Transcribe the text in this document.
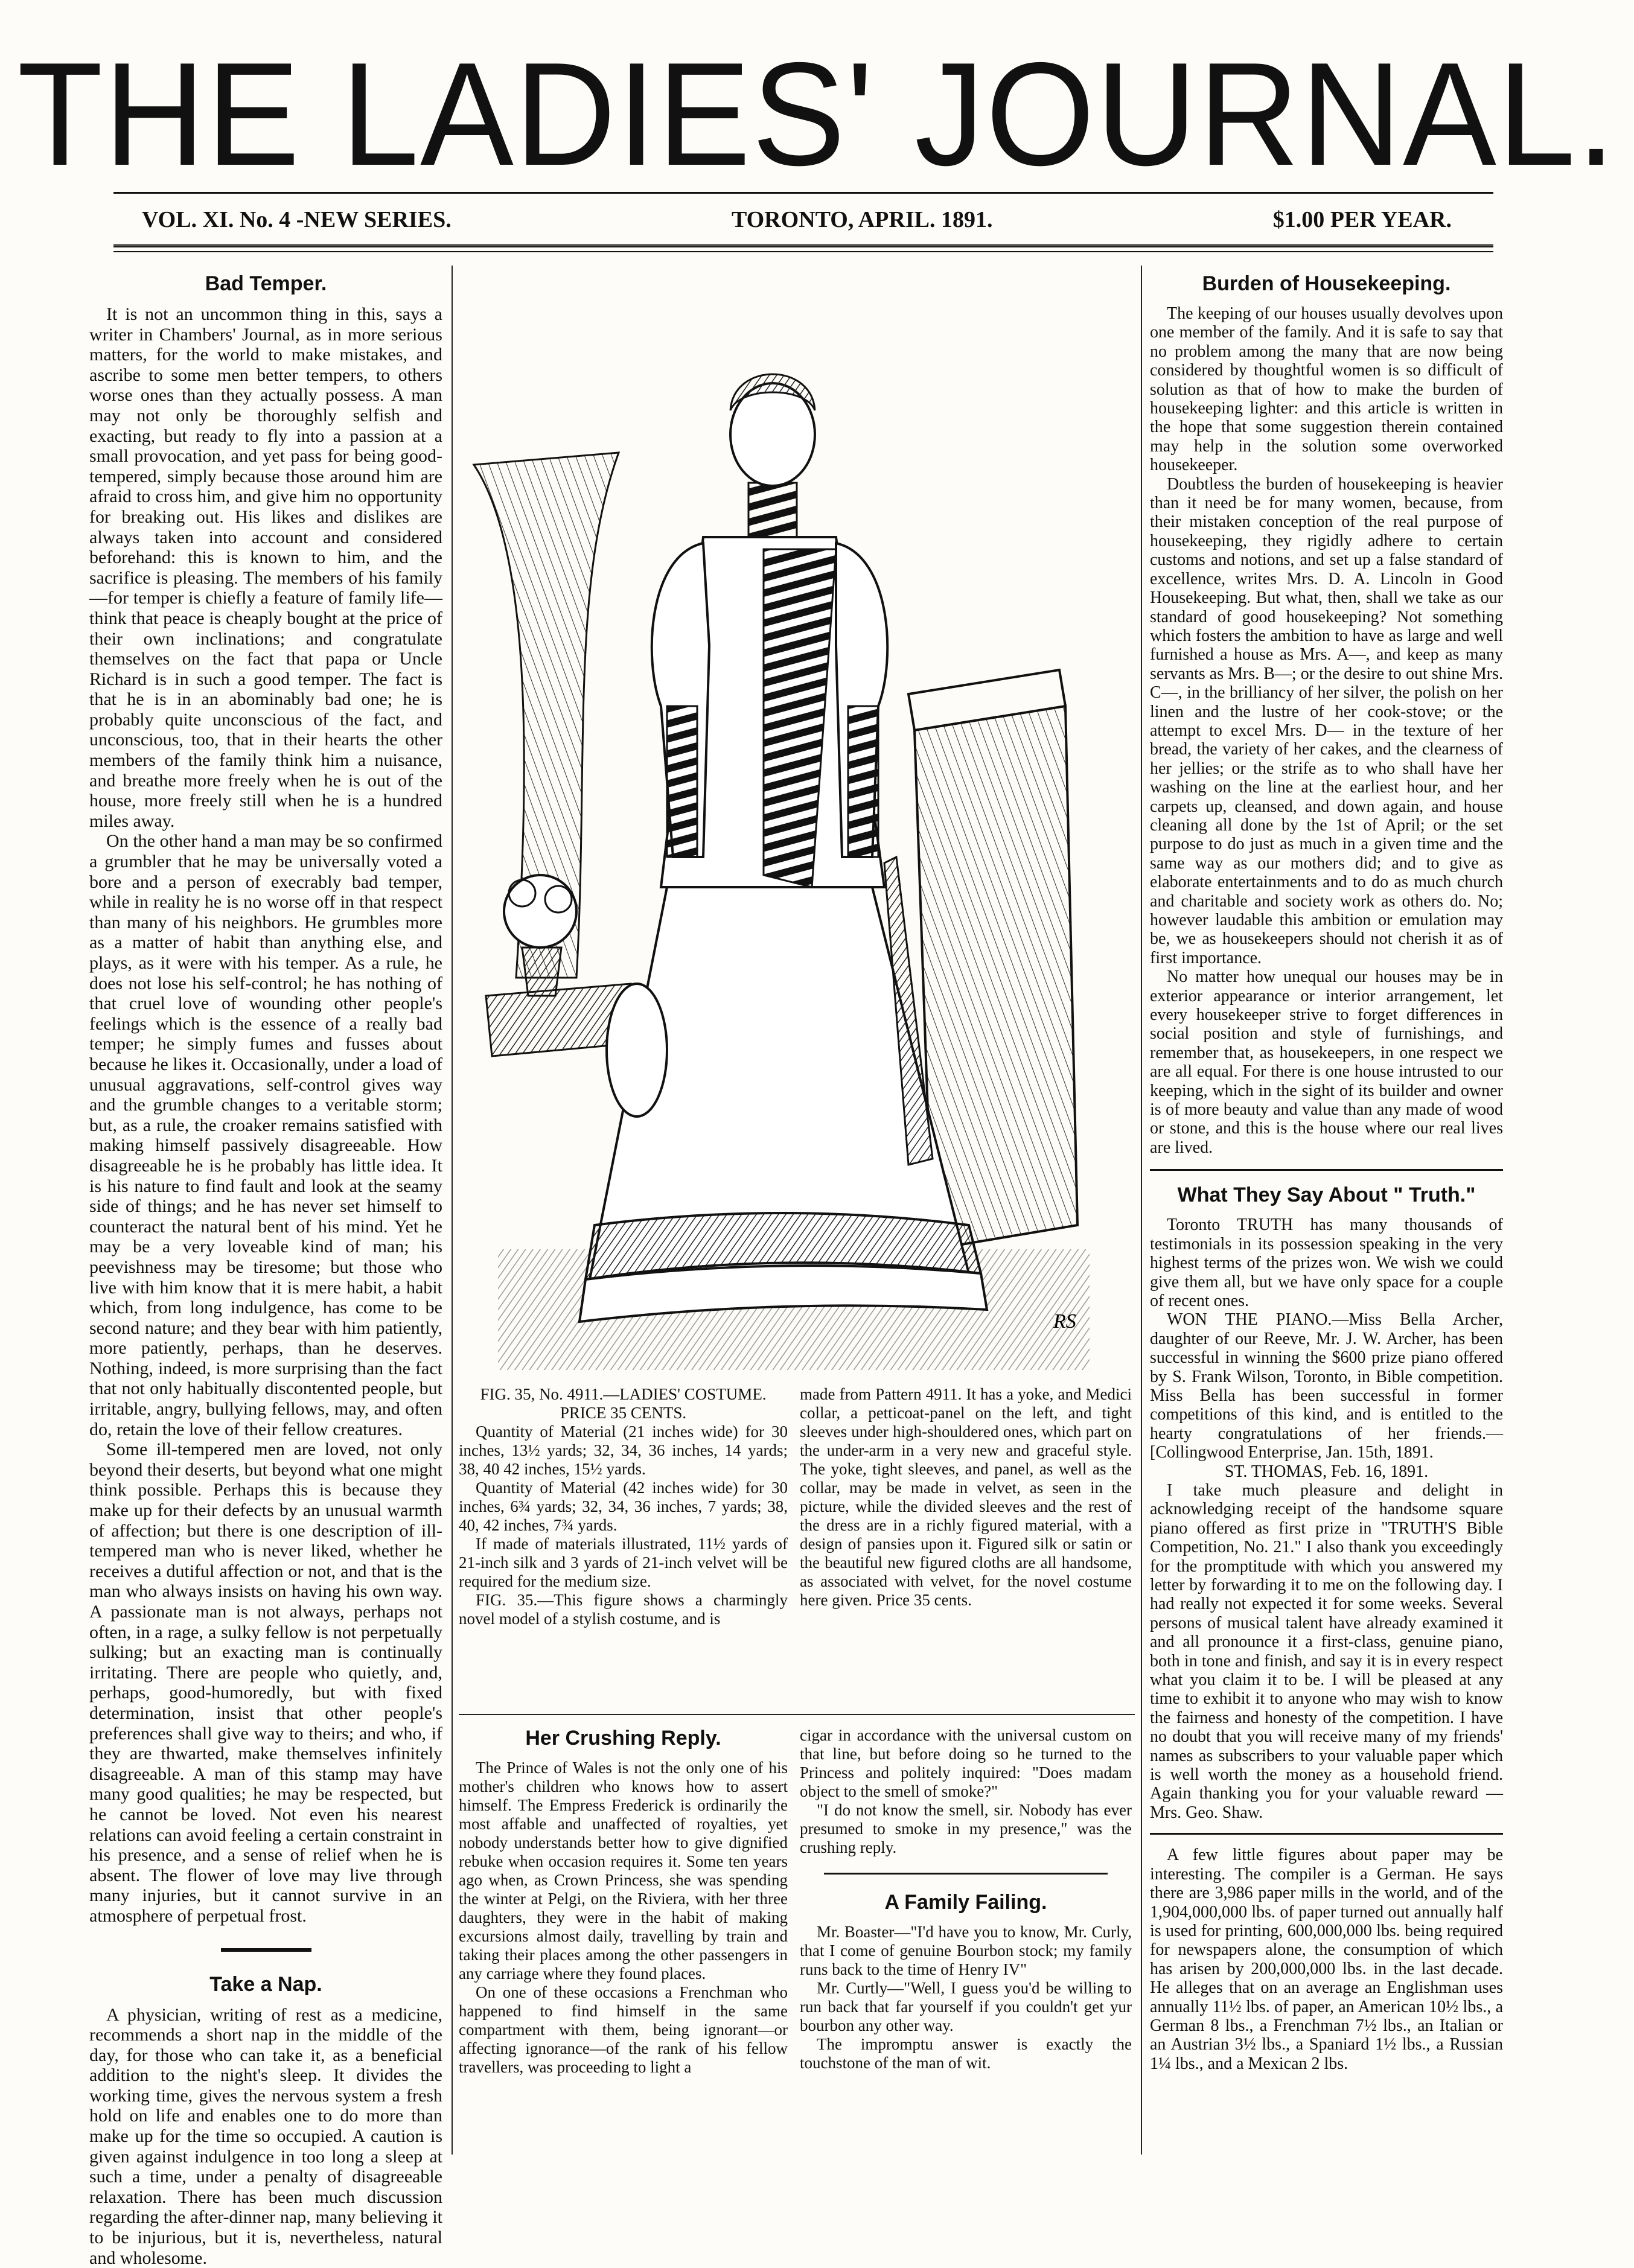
THE LADIES' JOURNAL.
VOL. XI. No. 4 -NEW SERIES.	TORONTO, APRIL. 1891.	$1.00 PER YEAR.
Bad Temper.

It is not an uncommon thing in this, says a writer in Chambers' Journal, as in more serious matters, for the world to make mistakes, and ascribe to some men better tempers, to others worse ones than they actually possess. A man may not only be thoroughly selfish and exacting, but ready to fly into a passion at a small provocation, and yet pass for being good-tempered, simply because those around him are afraid to cross him, and give him no opportunity for breaking out. His likes and dislikes are always taken into account and considered beforehand: this is known to him, and the sacrifice is pleasing. The members of his family—for temper is chiefly a feature of family life—think that peace is cheaply bought at the price of their own inclinations; and congratulate themselves on the fact that papa or Uncle Richard is in such a good temper. The fact is that he is in an abominably bad one; he is probably quite unconscious of the fact, and unconscious, too, that in their hearts the other members of the family think him a nuisance, and breathe more freely when he is out of the house, more freely still when he is a hundred miles away.

On the other hand a man may be so confirmed a grumbler that he may be universally voted a bore and a person of execrably bad temper, while in reality he is no worse off in that respect than many of his neighbors. He grumbles more as a matter of habit than anything else, and plays, as it were with his temper. As a rule, he does not lose his self-control; he has nothing of that cruel love of wounding other people's feelings which is the essence of a really bad temper; he simply fumes and fusses about because he likes it. Occasionally, under a load of unusual aggravations, self-control gives way and the grumble changes to a veritable storm; but, as a rule, the croaker remains satisfied with making himself passively disagreeable. How disagreeable he is he probably has little idea. It is his nature to find fault and look at the seamy side of things; and he has never set himself to counteract the natural bent of his mind. Yet he may be a very loveable kind of man; his peevishness may be tiresome; but those who live with him know that it is mere habit, a habit which, from long indulgence, has come to be second nature; and they bear with him patiently, more patiently, perhaps, than he deserves. Nothing, indeed, is more surprising than the fact that not only habitually discontented people, but irritable, angry, bullying fellows, may, and often do, retain the love of their fellow creatures.

Some ill-tempered men are loved, not only beyond their deserts, but beyond what one might think possible. Perhaps this is because they make up for their defects by an unusual warmth of affection; but there is one description of ill-tempered man who is never liked, whether he receives a dutiful affection or not, and that is the man who always insists on having his own way. A passionate man is not always, perhaps not often, in a rage, a sulky fellow is not perpetually sulking; but an exacting man is continually irritating. There are people who quietly, and, perhaps, good-humoredly, but with fixed determination, insist that other people's preferences shall give way to theirs; and who, if they are thwarted, make themselves infinitely disagreeable. A man of this stamp may have many good qualities; he may be respected, but he cannot be loved. Not even his nearest relations can avoid feeling a certain constraint in his presence, and a sense of relief when he is absent. The flower of love may live through many injuries, but it cannot survive in an atmosphere of perpetual frost.

Take a Nap.

A physician, writing of rest as a medicine, recommends a short nap in the middle of the day, for those who can take it, as a beneficial addition to the night's sleep. It divides the working time, gives the nervous system a fresh hold on life and enables one to do more than make up for the time so occupied. A caution is given against indulgence in too long a sleep at such a time, under a penalty of disagreeable relaxation. There has been much discussion regarding the after-dinner nap, many believing it to be injurious, but it is, nevertheless, natural and wholesome.

RS

FIG. 35, No. 4911.—LADIES' COSTUME. PRICE 35 CENTS.

Quantity of Material (21 inches wide) for 30 inches, 13½ yards; 32, 34, 36 inches, 14 yards; 38, 40 42 inches, 15½ yards.

Quantity of Material (42 inches wide) for 30 inches, 6¾ yards; 32, 34, 36 inches, 7 yards; 38, 40, 42 inches, 7¾ yards.

If made of materials illustrated, 11½ yards of 21-inch silk and 3 yards of 21-inch velvet will be required for the medium size.

FIG. 35.—This figure shows a charmingly novel model of a stylish costume, and is

made from Pattern 4911. It has a yoke, and Medici collar, a petticoat-panel on the left, and tight sleeves under high-shouldered ones, which part on the under-arm in a very new and graceful style. The yoke, tight sleeves, and panel, as well as the collar, may be made in velvet, as seen in the picture, while the divided sleeves and the rest of the dress are in a richly figured material, with a design of pansies upon it. Figured silk or satin or the beautiful new figured cloths are all handsome, as associated with velvet, for the novel costume here given. Price 35 cents.

Her Crushing Reply.

The Prince of Wales is not the only one of his mother's children who knows how to assert himself. The Empress Frederick is ordinarily the most affable and unaffected of royalties, yet nobody understands better how to give dignified rebuke when occasion requires it. Some ten years ago when, as Crown Princess, she was spending the winter at Pelgi, on the Riviera, with her three daughters, they were in the habit of making excursions almost daily, travelling by train and taking their places among the other passengers in any carriage where they found places.

On one of these occasions a Frenchman who happened to find himself in the same compartment with them, being ignorant—or affecting ignorance—of the rank of his fellow travellers, was proceeding to light a

cigar in accordance with the universal custom on that line, but before doing so he turned to the Princess and politely inquired: "Does madam object to the smell of smoke?"

"I do not know the smell, sir. Nobody has ever presumed to smoke in my presence," was the crushing reply.

A Family Failing.

Mr. Boaster—"I'd have you to know, Mr. Curly, that I come of genuine Bourbon stock; my family runs back to the time of Henry IV"

Mr. Curtly—"Well, I guess you'd be willing to run back that far yourself if you couldn't get yur bourbon any other way.

The impromptu answer is exactly the touchstone of the man of wit.

Burden of Housekeeping.

The keeping of our houses usually devolves upon one member of the family. And it is safe to say that no problem among the many that are now being considered by thoughtful women is so difficult of solution as that of how to make the burden of housekeeping lighter: and this article is written in the hope that some suggestion therein contained may help in the solution some overworked housekeeper.

Doubtless the burden of housekeeping is heavier than it need be for many women, because, from their mistaken conception of the real purpose of housekeeping, they rigidly adhere to certain customs and notions, and set up a false standard of excellence, writes Mrs. D. A. Lincoln in Good Housekeeping. But what, then, shall we take as our standard of good housekeeping? Not something which fosters the ambition to have as large and well furnished a house as Mrs. A—, and keep as many servants as Mrs. B—; or the desire to out shine Mrs. C—, in the brilliancy of her silver, the polish on her linen and the lustre of her cook-stove; or the attempt to excel Mrs. D— in the texture of her bread, the variety of her cakes, and the clearness of her jellies; or the strife as to who shall have her washing on the line at the earliest hour, and her carpets up, cleansed, and down again, and house cleaning all done by the 1st of April; or the set purpose to do just as much in a given time and the same way as our mothers did; and to give as elaborate entertainments and to do as much church and charitable and society work as others do. No; however laudable this ambition or emulation may be, we as housekeepers should not cherish it as of first importance.

No matter how unequal our houses may be in exterior appearance or interior arrangement, let every housekeeper strive to forget differences in social position and style of furnishings, and remember that, as housekeepers, in one respect we are all equal. For there is one house intrusted to our keeping, which in the sight of its builder and owner is of more beauty and value than any made of wood or stone, and this is the house where our real lives are lived.

What They Say About " Truth."

Toronto TRUTH has many thousands of testimonials in its possession speaking in the very highest terms of the prizes won. We wish we could give them all, but we have only space for a couple of recent ones.

WON THE PIANO.—Miss Bella Archer, daughter of our Reeve, Mr. J. W. Archer, has been successful in winning the $600 prize piano offered by S. Frank Wilson, Toronto, in Bible competition. Miss Bella has been successful in former competitions of this kind, and is entitled to the hearty congratulations of her friends.—[Collingwood Enterprise, Jan. 15th, 1891.

ST. THOMAS, Feb. 16, 1891.

I take much pleasure and delight in acknowledging receipt of the handsome square piano offered as first prize in "TRUTH'S Bible Competition, No. 21." I also thank you exceedingly for the promptitude with which you answered my letter by forwarding it to me on the following day. I had really not expected it for some weeks. Several persons of musical talent have already examined it and all pronounce it a first-class, genuine piano, both in tone and finish, and say it is in every respect what you claim it to be. I will be pleased at any time to exhibit it to anyone who may wish to know the fairness and honesty of the competition. I have no doubt that you will receive many of my friends' names as subscribers to your valuable paper which is well worth the money as a household friend. Again thanking you for your valuable reward —Mrs. Geo. Shaw.

A few little figures about paper may be interesting. The compiler is a German. He says there are 3,986 paper mills in the world, and of the 1,904,000,000 lbs. of paper turned out annually half is used for printing, 600,000,000 lbs. being required for newspapers alone, the consumption of which has arisen by 200,000,000 lbs. in the last decade. He alleges that on an average an Englishman uses annually 11½ lbs. of paper, an American 10½ lbs., a German 8 lbs., a Frenchman 7½ lbs., an Italian or an Austrian 3½ lbs., a Spaniard 1½ lbs., a Russian 1¼ lbs., and a Mexican 2 lbs.
